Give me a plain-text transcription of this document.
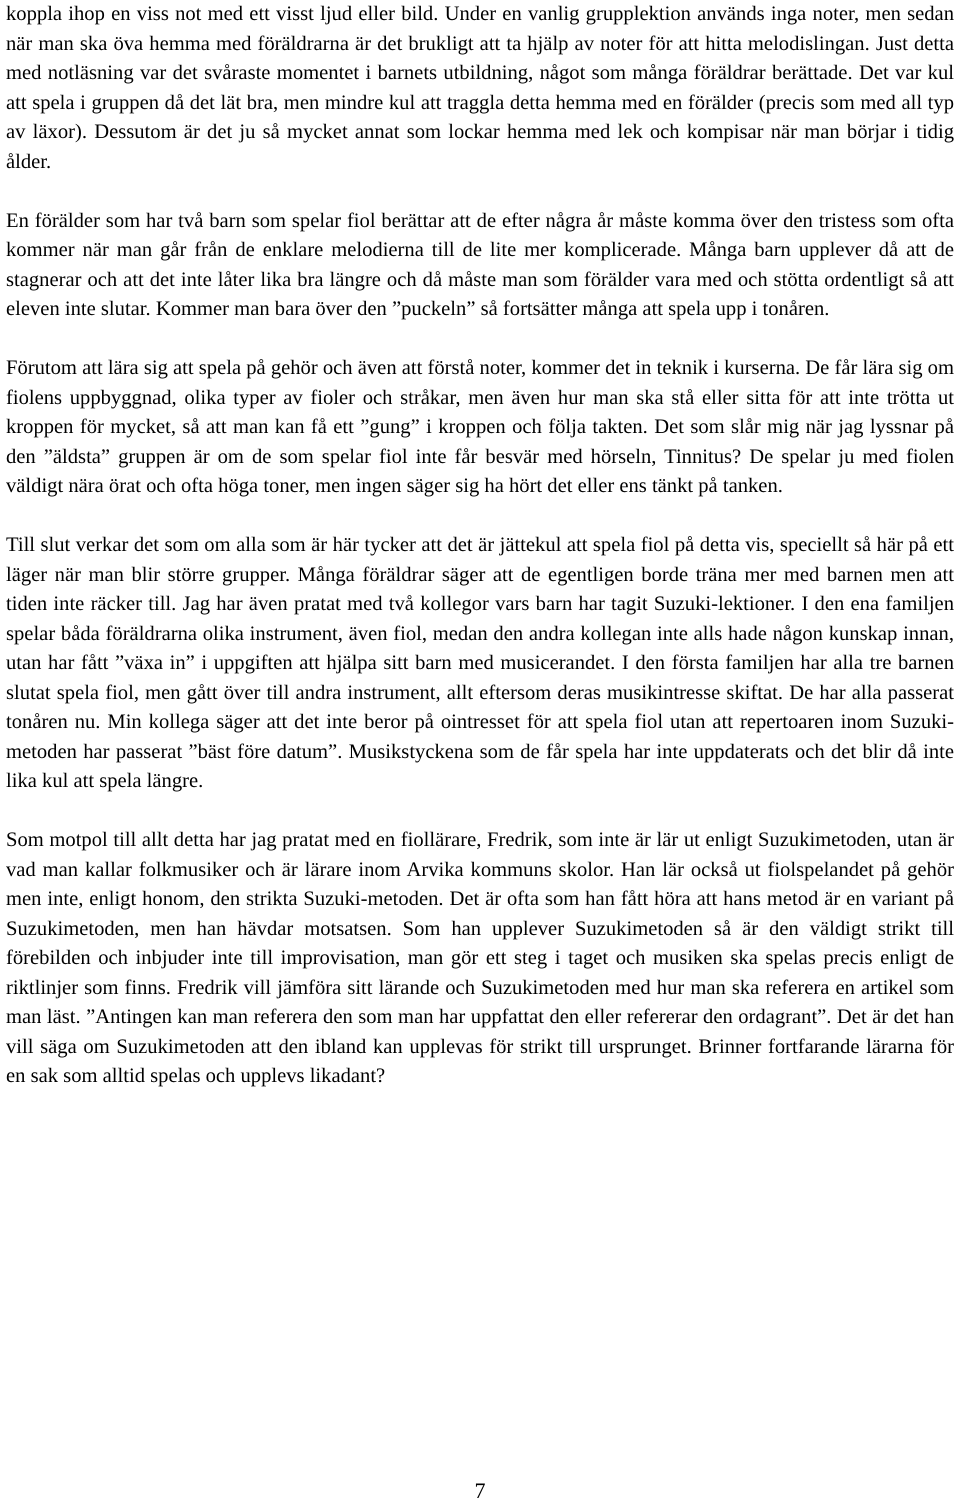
koppla ihop en viss not med ett visst ljud eller bild. Under en vanlig grupplektion används inga noter, men sedan när man ska öva hemma med föräldrarna är det brukligt att ta hjälp av noter för att hitta melodislingan. Just detta med notläsning var det svåraste momentet i barnets utbildning, något som många föräldrar berättade. Det var kul att spela i gruppen då det lät bra, men mindre kul att traggla detta hemma med en förälder (precis som med all typ av läxor). Dessutom är det ju så mycket annat som lockar hemma med lek och kompisar när man börjar i tidig ålder.

En förälder som har två barn som spelar fiol berättar att de efter några år måste komma över den tristess som ofta kommer när man går från de enklare melodierna till de lite mer komplicerade. Många barn upplever då att de stagnerar och att det inte låter lika bra längre och då måste man som förälder vara med och stötta ordentligt så att eleven inte slutar. Kommer man bara över den ”puckeln” så fortsätter många att spela upp i tonåren.

Förutom att lära sig att spela på gehör och även att förstå noter, kommer det in teknik i kurserna. De får lära sig om fiolens uppbyggnad, olika typer av fioler och stråkar, men även hur man ska stå eller sitta för att inte trötta ut kroppen för mycket, så att man kan få ett ”gung” i kroppen och följa takten. Det som slår mig när jag lyssnar på den ”äldsta” gruppen är om de som spelar fiol inte får besvär med hörseln, Tinnitus? De spelar ju med fiolen väldigt nära örat och ofta höga toner, men ingen säger sig ha hört det eller ens tänkt på tanken.

Till slut verkar det som om alla som är här tycker att det är jättekul att spela fiol på detta vis, speciellt så här på ett läger när man blir större grupper. Många föräldrar säger att de egentligen borde träna mer med barnen men att tiden inte räcker till. Jag har även pratat med två kollegor vars barn har tagit Suzuki-lektioner. I den ena familjen spelar båda föräldrarna olika instrument, även fiol, medan den andra kollegan inte alls hade någon kunskap innan, utan har fått ”växa in” i uppgiften att hjälpa sitt barn med musicerandet. I den första familjen har alla tre barnen slutat spela fiol, men gått över till andra instrument, allt eftersom deras musikintresse skiftat. De har alla passerat tonåren nu. Min kollega säger att det inte beror på ointresset för att spela fiol utan att repertoaren inom Suzuki-metoden har passerat ”bäst före datum”. Musikstyckena som de får spela har inte uppdaterats och det blir då inte lika kul att spela längre.

Som motpol till allt detta har jag pratat med en fiollärare, Fredrik, som inte är lär ut enligt Suzukimetoden, utan är vad man kallar folkmusiker och är lärare inom Arvika kommuns skolor. Han lär också ut fiolspelandet på gehör men inte, enligt honom, den strikta Suzuki-metoden. Det är ofta som han fått höra att hans metod är en variant på Suzukimetoden, men han hävdar motsatsen. Som han upplever Suzukimetoden så är den väldigt strikt till förebilden och inbjuder inte till improvisation, man gör ett steg i taget och musiken ska spelas precis enligt de riktlinjer som finns. Fredrik vill jämföra sitt lärande och Suzukimetoden med hur man ska referera en artikel som man läst. ”Antingen kan man referera den som man har uppfattat den eller refererar den ordagrant”. Det är det han vill säga om Suzukimetoden att den ibland kan upplevas för strikt till ursprunget. Brinner fortfarande lärarna för en sak som alltid spelas och upplevs likadant?

7
